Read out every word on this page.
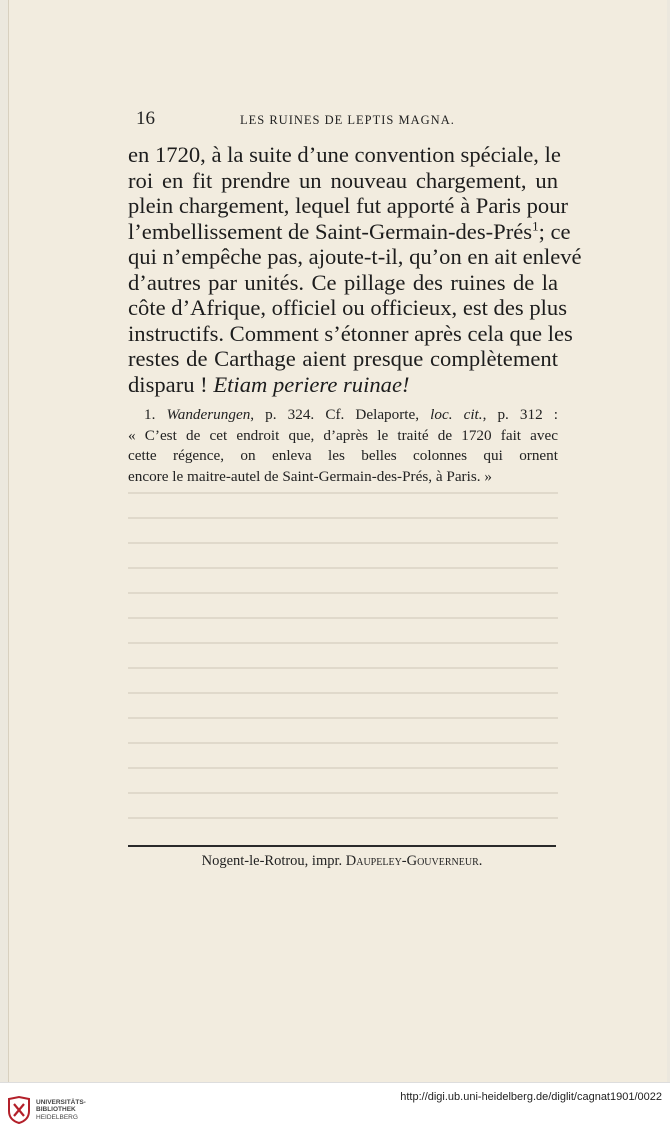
16	LES RUINES DE LEPTIS MAGNA.
en 1720, à la suite d’une convention spéciale, le
roi en fit prendre un nouveau chargement, un
plein chargement, lequel fut apporté à Paris pour
l’embellissement de Saint-Germain-des-Prés$^1$; ce
qui n’empêche pas, ajoute-t-il, qu’on en ait enlevé
d’autres par unités. Ce pillage des ruines de la
côte d’Afrique, officiel ou officieux, est des plus
instructifs. Comment s’étonner après cela que les
restes de Carthage aient presque complètement
disparu ! Etiam periere ruinae!
1. Wanderungen, p. 324. Cf. Delaporte, loc. cit., p. 312 :
« C’est de cet endroit que, d’après le traité de 1720 fait avec
cette régence, on enleva les belles colonnes qui ornent
encore le maitre-autel de Saint-Germain-des-Prés, à Paris. »
Nogent-le-Rotrou, impr. Daupeley-Gouverneur.
UNIVERSITÄTS-
BIBLIOTHEK
HEIDELBERG
http://digi.ub.uni-heidelberg.de/diglit/cagnat1901/0022
